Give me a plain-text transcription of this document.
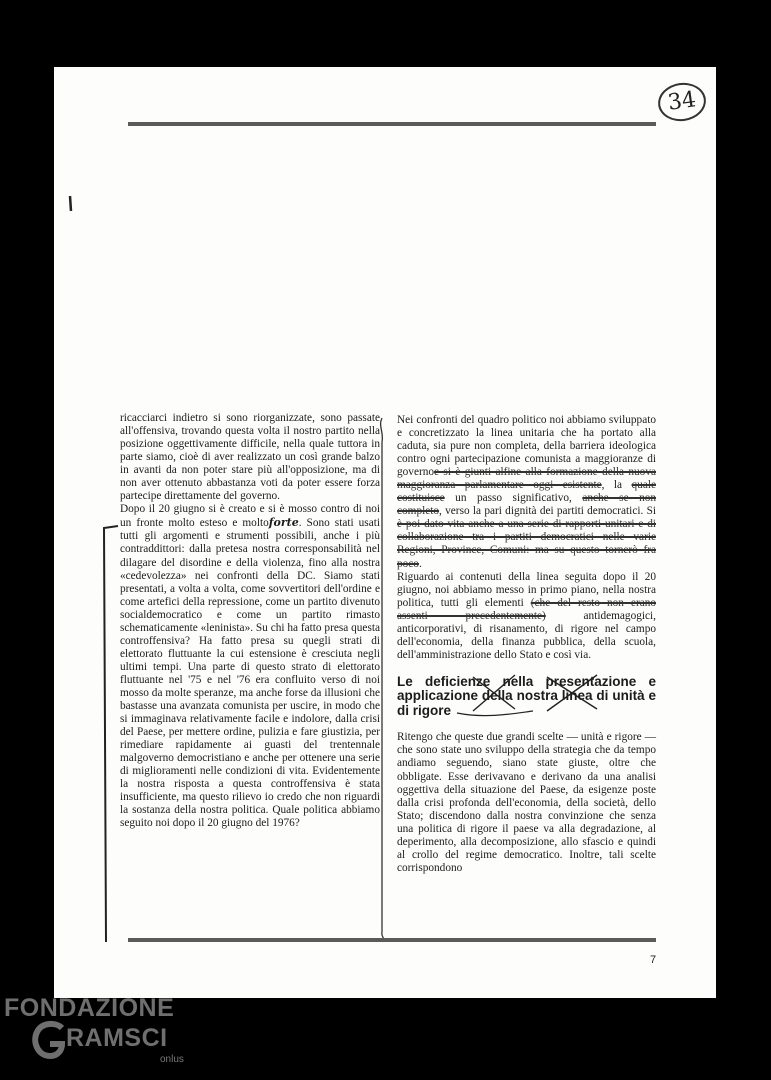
34

ricacciarci indietro si sono riorganizzate, sono passate all'offensiva, trovando questa volta il nostro partito nella posizione oggettivamente difficile, nella quale tuttora in parte siamo, cioè di aver realizzato un così grande balzo in avanti da non poter stare più all'opposizione, ma di non aver ottenuto abbastanza voti da poter essere forza partecipe direttamente del governo.

Dopo il 20 giugno si è creato e si è mosso contro di noi un fronte molto esteso e moltoforte. Sono stati usati tutti gli argomenti e strumenti possibili, anche i più contraddittori: dalla pretesa nostra corresponsabilità nel dilagare del disordine e della violenza, fino alla nostra «cedevolezza» nei confronti della DC. Siamo stati presentati, a volta a volta, come sovvertitori dell'ordine e come artefici della repressione, come un partito divenuto socialdemocratico e come un partito rimasto schematicamente «leninista». Su chi ha fatto presa questa controffensiva? Ha fatto presa su quegli strati di elettorato fluttuante la cui estensione è cresciuta negli ultimi tempi. Una parte di questo strato di elettorato fluttuante nel '75 e nel '76 era confluito verso di noi mosso da molte speranze, ma anche forse da illusioni che bastasse una avanzata comunista per uscire, in modo che si immaginava relativamente facile e indolore, dalla crisi del Paese, per mettere ordine, pulizia e fare giustizia, per rimediare rapidamente ai guasti del trentennale malgoverno democristiano e anche per ottenere una serie di miglioramenti nelle condizioni di vita. Evidentemente la nostra risposta a questa controffensiva è stata insufficiente, ma questo rilievo io credo che non riguardi la sostanza della nostra politica. Quale politica abbiamo seguito noi dopo il 20 giugno del 1976?

Nei confronti del quadro politico noi abbiamo sviluppato e concretizzato la linea unitaria che ha portato alla caduta, sia pure non completa, della barriera ideologica contro ogni partecipazione comunista a maggioranze di governoe si è giunti alfine alla formazione della nuova maggioranza parlamentare oggi esistente, la quale costituisce un passo significativo, anche se non completo, verso la pari dignità dei partiti democratici. Si è poi dato vita anche a una serie di rapporti unitari e di collaborazione tra i partiti democratici nelle varie Regioni, Province, Comuni: ma su questo tornerò fra poco.

Riguardo ai contenuti della linea seguita dopo il 20 giugno, noi abbiamo messo in primo piano, nella nostra politica, tutti gli elementi (che del resto non erano assenti precedentemente) antidemagogici, anticorporativi, di risanamento, di rigore nel campo dell'economia, della finanza pubblica, della scuola, dell'amministrazione dello Stato e così via.

Le deficienze nella presentazione e applicazione della nostra linea di unità e di rigore

Ritengo che queste due grandi scelte — unità e rigore — che sono state uno sviluppo della strategia che da tempo andiamo seguendo, siano state giuste, oltre che obbligate. Esse derivavano e derivano da una analisi oggettiva della situazione del Paese, da esigenze poste dalla crisi profonda dell'economia, della società, dello Stato; discendono dalla nostra convinzione che senza una politica di rigore il paese va alla degradazione, al deperimento, alla decomposizione, allo sfascio e quindi al crollo del regime democratico. Inoltre, tali scelte corrispondono

7
FONDAZIONE
RAMSCI
onlus
